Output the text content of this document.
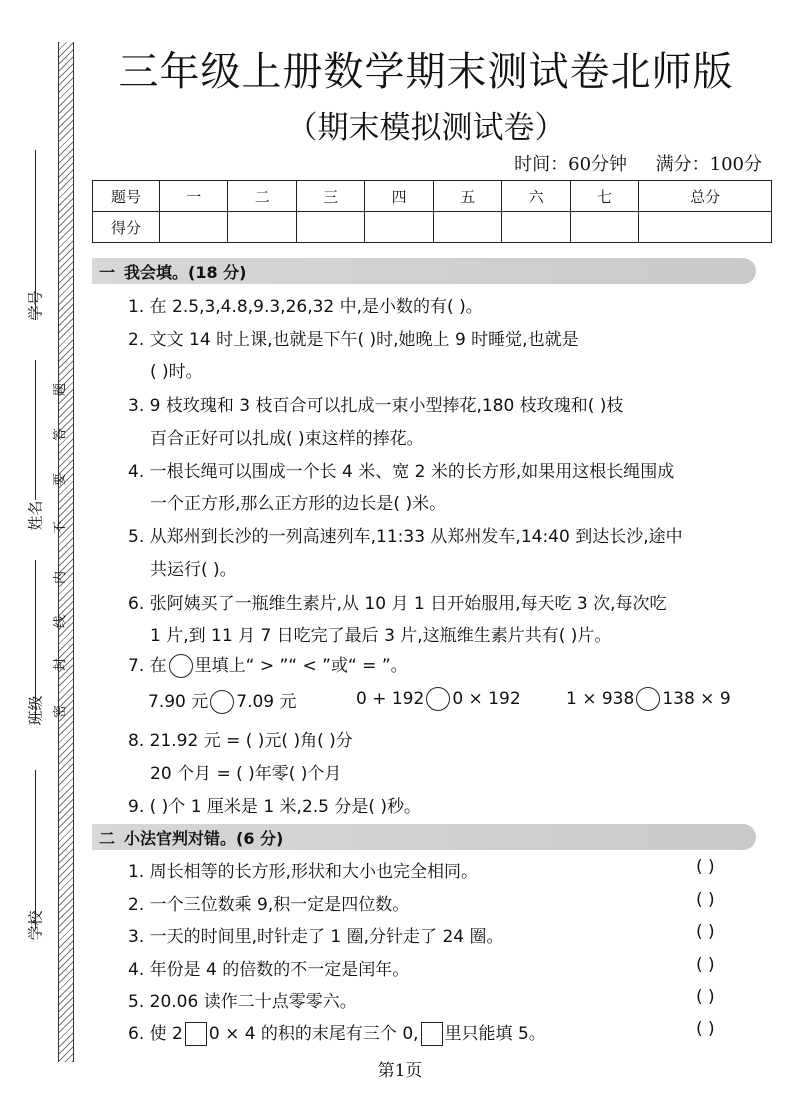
学号
姓名
班级
学校
题
答
要
不
内
线
封
密
三年级上册数学期末测试卷北师版
（期末模拟测试卷）
时间：60分钟 满分：100分
题号	一	二	三	四	五	六	七	总分
得分								
一 我会填。(18 分)
1. 在 2.5,3,4.8,9.3,26,32 中,是小数的有( )。
2. 文文 14 时上课,也就是下午( )时,她晚上 9 时睡觉,也就是
( )时。
3. 9 枝玫瑰和 3 枝百合可以扎成一束小型捧花,180 枝玫瑰和( )枝
百合正好可以扎成( )束这样的捧花。
4. 一根长绳可以围成一个长 4 米、宽 2 米的长方形,如果用这根长绳围成
一个正方形,那么正方形的边长是( )米。
5. 从郑州到长沙的一列高速列车,11:33 从郑州发车,14:40 到达长沙,途中
共运行( )。
6. 张阿姨买了一瓶维生素片,从 10 月 1 日开始服用,每天吃 3 次,每次吃
1 片,到 11 月 7 日吃完了最后 3 片,这瓶维生素片共有( )片。
7. 在 里填上“ > ”“ < ”或“ = ”。
7.90 元 7.09 元	0 + 192 0 × 192	1 × 938 138 × 9
8. 21.92 元 = ( )元( )角( )分
20 个月 = ( )年零( )个月
9. ( )个 1 厘米是 1 米,2.5 分是( )秒。
二 小法官判对错。(6 分)
1. 周长相等的长方形,形状和大小也完全相同。	( )
2. 一个三位数乘 9,积一定是四位数。	( )
3. 一天的时间里,时针走了 1 圈,分针走了 24 圈。	( )
4. 年份是 4 的倍数的不一定是闰年。	( )
5. 20.06 读作二十点零零六。	( )
6. 使 2 0 × 4 的积的末尾有三个 0, 里只能填 5。	( )
第1页
